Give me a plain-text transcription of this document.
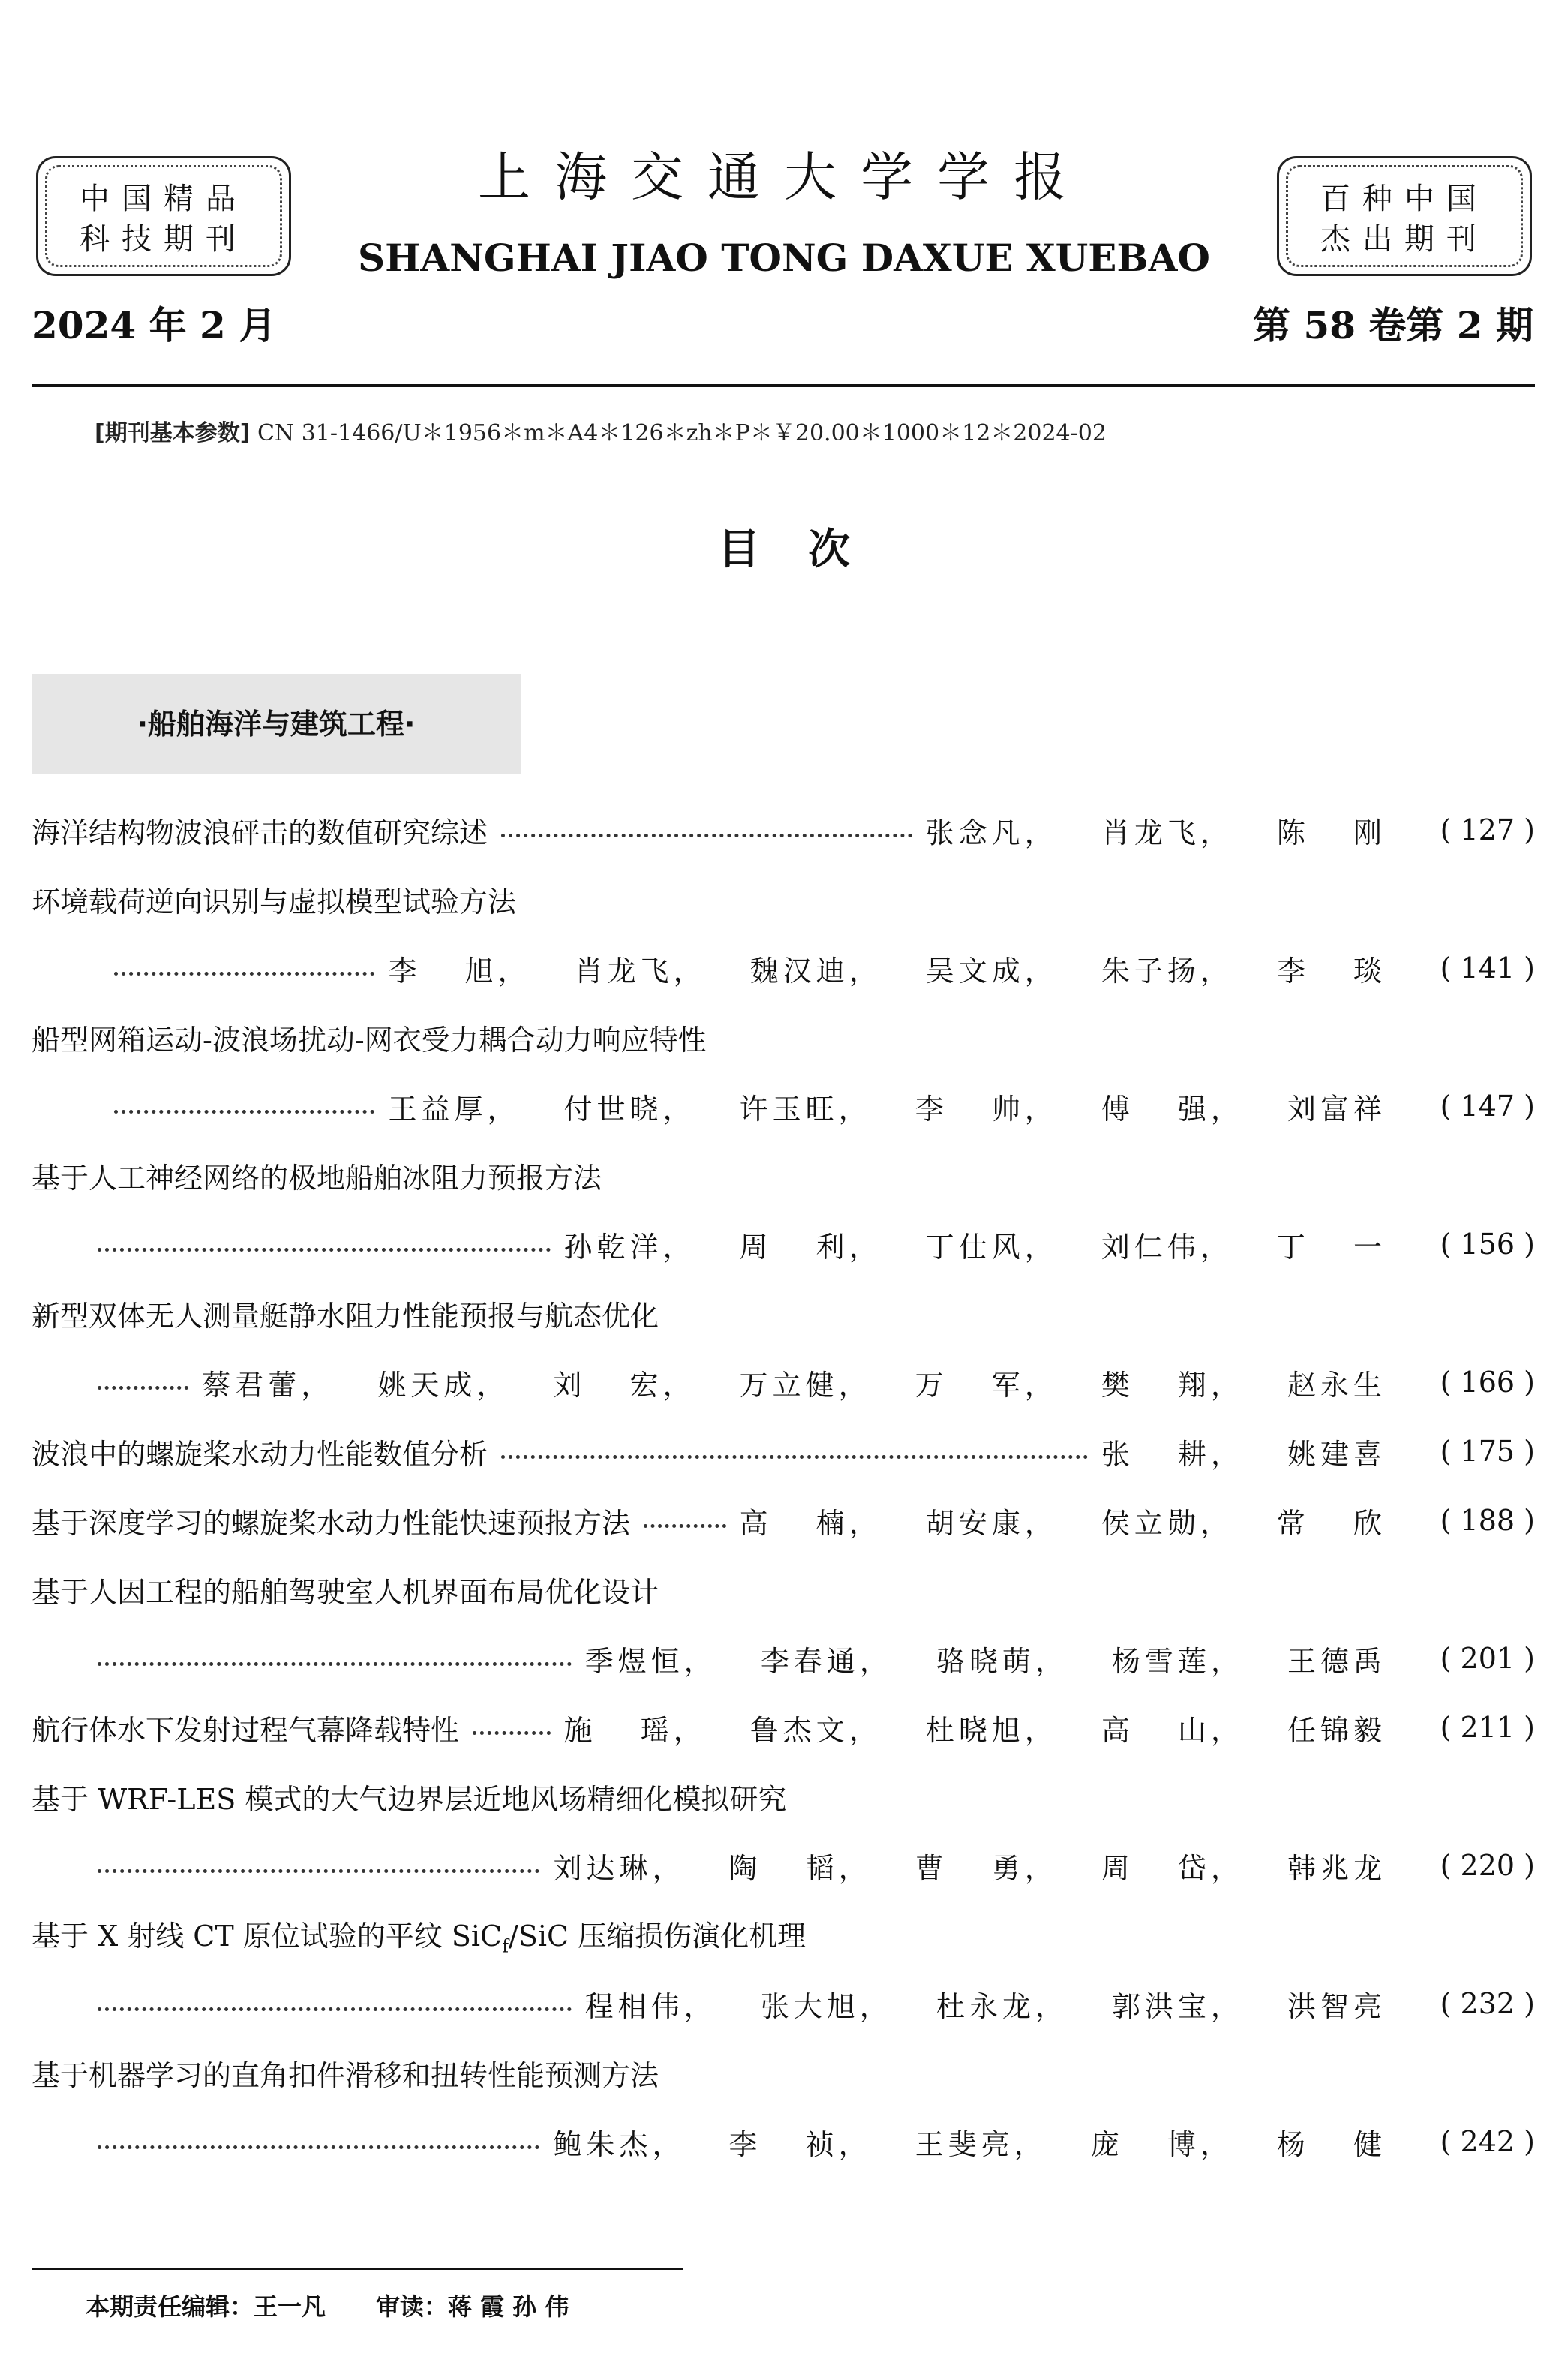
中国精品
科技期刊
百种中国
杰出期刊
上海交通大学学报
SHANGHAI JIAO TONG DAXUE XUEBAO
2024 年 2 月	第 58 卷第 2 期
[期刊基本参数] CN 31-1466/U＊1956＊m＊A4＊126＊zh＊P＊￥20.00＊1000＊12＊2024-02
目次
·船舶海洋与建筑工程·
海洋结构物波浪砰击的数值研究综述	张念凡， 肖龙飞， 陈 刚	( 127 )
环境载荷逆向识别与虚拟模型试验方法
李 旭， 肖龙飞， 魏汉迪， 吴文成， 朱子扬， 李 琰	( 141 )
船型网箱运动-波浪场扰动-网衣受力耦合动力响应特性
王益厚， 付世晓， 许玉旺， 李 帅， 傅 强， 刘富祥	( 147 )
基于人工神经网络的极地船舶冰阻力预报方法
孙乾洋， 周 利， 丁仕风， 刘仁伟， 丁 一	( 156 )
新型双体无人测量艇静水阻力性能预报与航态优化
蔡君蕾， 姚天成， 刘 宏， 万立健， 万 军， 樊 翔， 赵永生	( 166 )
波浪中的螺旋桨水动力性能数值分析	张 耕， 姚建喜	( 175 )
基于深度学习的螺旋桨水动力性能快速预报方法	高 楠， 胡安康， 侯立勋， 常 欣	( 188 )
基于人因工程的船舶驾驶室人机界面布局优化设计
季煜恒， 李春通， 骆晓萌， 杨雪莲， 王德禹	( 201 )
航行体水下发射过程气幕降载特性	施 瑶， 鲁杰文， 杜晓旭， 高 山， 任锦毅	( 211 )
基于 WRF-LES 模式的大气边界层近地风场精细化模拟研究
刘达琳， 陶 韬， 曹 勇， 周 岱， 韩兆龙	( 220 )
基于 X 射线 CT 原位试验的平纹 SiC$_f$/SiC 压缩损伤演化机理
程相伟， 张大旭， 杜永龙， 郭洪宝， 洪智亮	( 232 )
基于机器学习的直角扣件滑移和扭转性能预测方法
鲍朱杰， 李 祯， 王斐亮， 庞 博， 杨 健	( 242 )
本期责任编辑：王一凡 审读：蒋 霞 孙 伟
